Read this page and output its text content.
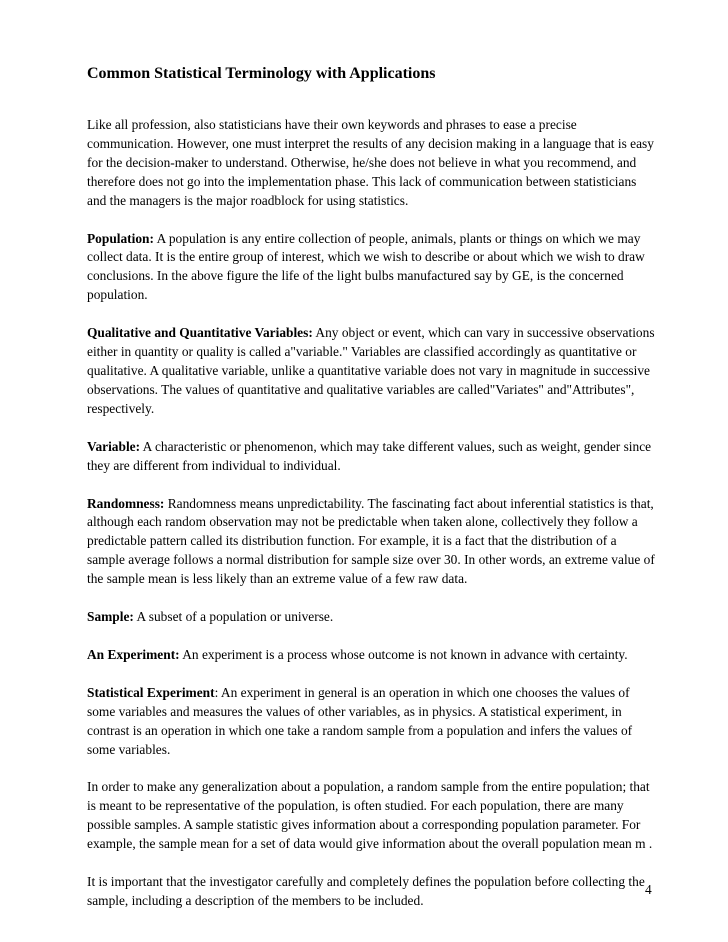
Common Statistical Terminology with Applications

Like all profession, also statisticians have their own keywords and phrases to ease a precise communication. However, one must interpret the results of any decision making in a language that is easy for the decision-maker to understand. Otherwise, he/she does not believe in what you recommend, and therefore does not go into the implementation phase. This lack of communication between statisticians and the managers is the major roadblock for using statistics.

Population: A population is any entire collection of people, animals, plants or things on which we may collect data. It is the entire group of interest, which we wish to describe or about which we wish to draw conclusions. In the above figure the life of the light bulbs manufactured say by GE, is the concerned population.

Qualitative and Quantitative Variables: Any object or event, which can vary in successive observations either in quantity or quality is called a"variable." Variables are classified accordingly as quantitative or qualitative. A qualitative variable, unlike a quantitative variable does not vary in magnitude in successive observations. The values of quantitative and qualitative variables are called"Variates" and"Attributes", respectively.

Variable: A characteristic or phenomenon, which may take different values, such as weight, gender since they are different from individual to individual.

Randomness: Randomness means unpredictability. The fascinating fact about inferential statistics is that, although each random observation may not be predictable when taken alone, collectively they follow a predictable pattern called its distribution function. For example, it is a fact that the distribution of a sample average follows a normal distribution for sample size over 30. In other words, an extreme value of the sample mean is less likely than an extreme value of a few raw data.

Sample: A subset of a population or universe.

An Experiment: An experiment is a process whose outcome is not known in advance with certainty.

Statistical Experiment: An experiment in general is an operation in which one chooses the values of some variables and measures the values of other variables, as in physics. A statistical experiment, in contrast is an operation in which one take a random sample from a population and infers the values of some variables.

In order to make any generalization about a population, a random sample from the entire population; that is meant to be representative of the population, is often studied. For each population, there are many possible samples. A sample statistic gives information about a corresponding population parameter. For example, the sample mean for a set of data would give information about the overall population mean m .

It is important that the investigator carefully and completely defines the population before collecting the sample, including a description of the members to be included.

4
